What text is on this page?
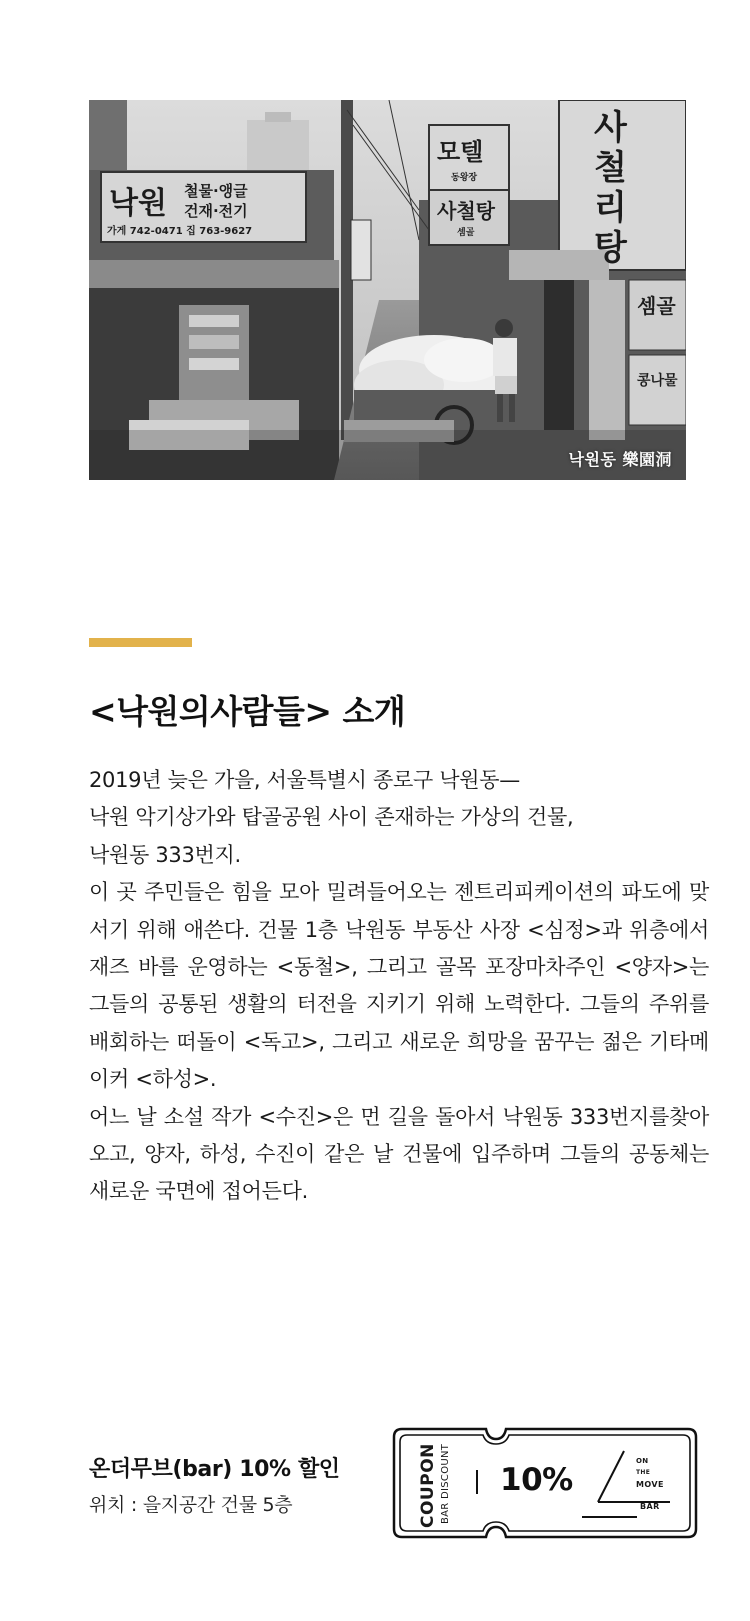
낙원 철물·앵글
건재·전기
가게 742-0471 집 763-9627
모텔
동왕장
사철탕
셈골
사철리탕
셈골
콩나물
낙원동 樂園洞
<낙원의사람들> 소개

2019년 늦은 가을, 서울특별시 종로구 낙원동—

낙원 악기상가와 탑골공원 사이 존재하는 가상의 건물,

낙원동 333번지.

이 곳 주민들은 힘을 모아 밀려들어오는 젠트리피케이션의 파도에 맞서기 위해 애쓴다. 건물 1층 낙원동 부동산 사장 <심정>과 위층에서 재즈 바를 운영하는 <동철>, 그리고 골목 포장마차주인 <양자>는 그들의 공통된 생활의 터전을 지키기 위해 노력한다. 그들의 주위를 배회하는 떠돌이 <독고>, 그리고 새로운 희망을 꿈꾸는 젊은 기타메이커 <하성>.

어느 날 소설 작가 <수진>은 먼 길을 돌아서 낙원동 333번지를찾아오고, 양자, 하성, 수진이 같은 날 건물에 입주하며 그들의 공동체는 새로운 국면에 접어든다.

온더무브(bar) 10% 할인
위치 : 을지공간 건물 5층	COUPON BAR DISCOUNT 10%
ON
THE
MOVE
BAR
